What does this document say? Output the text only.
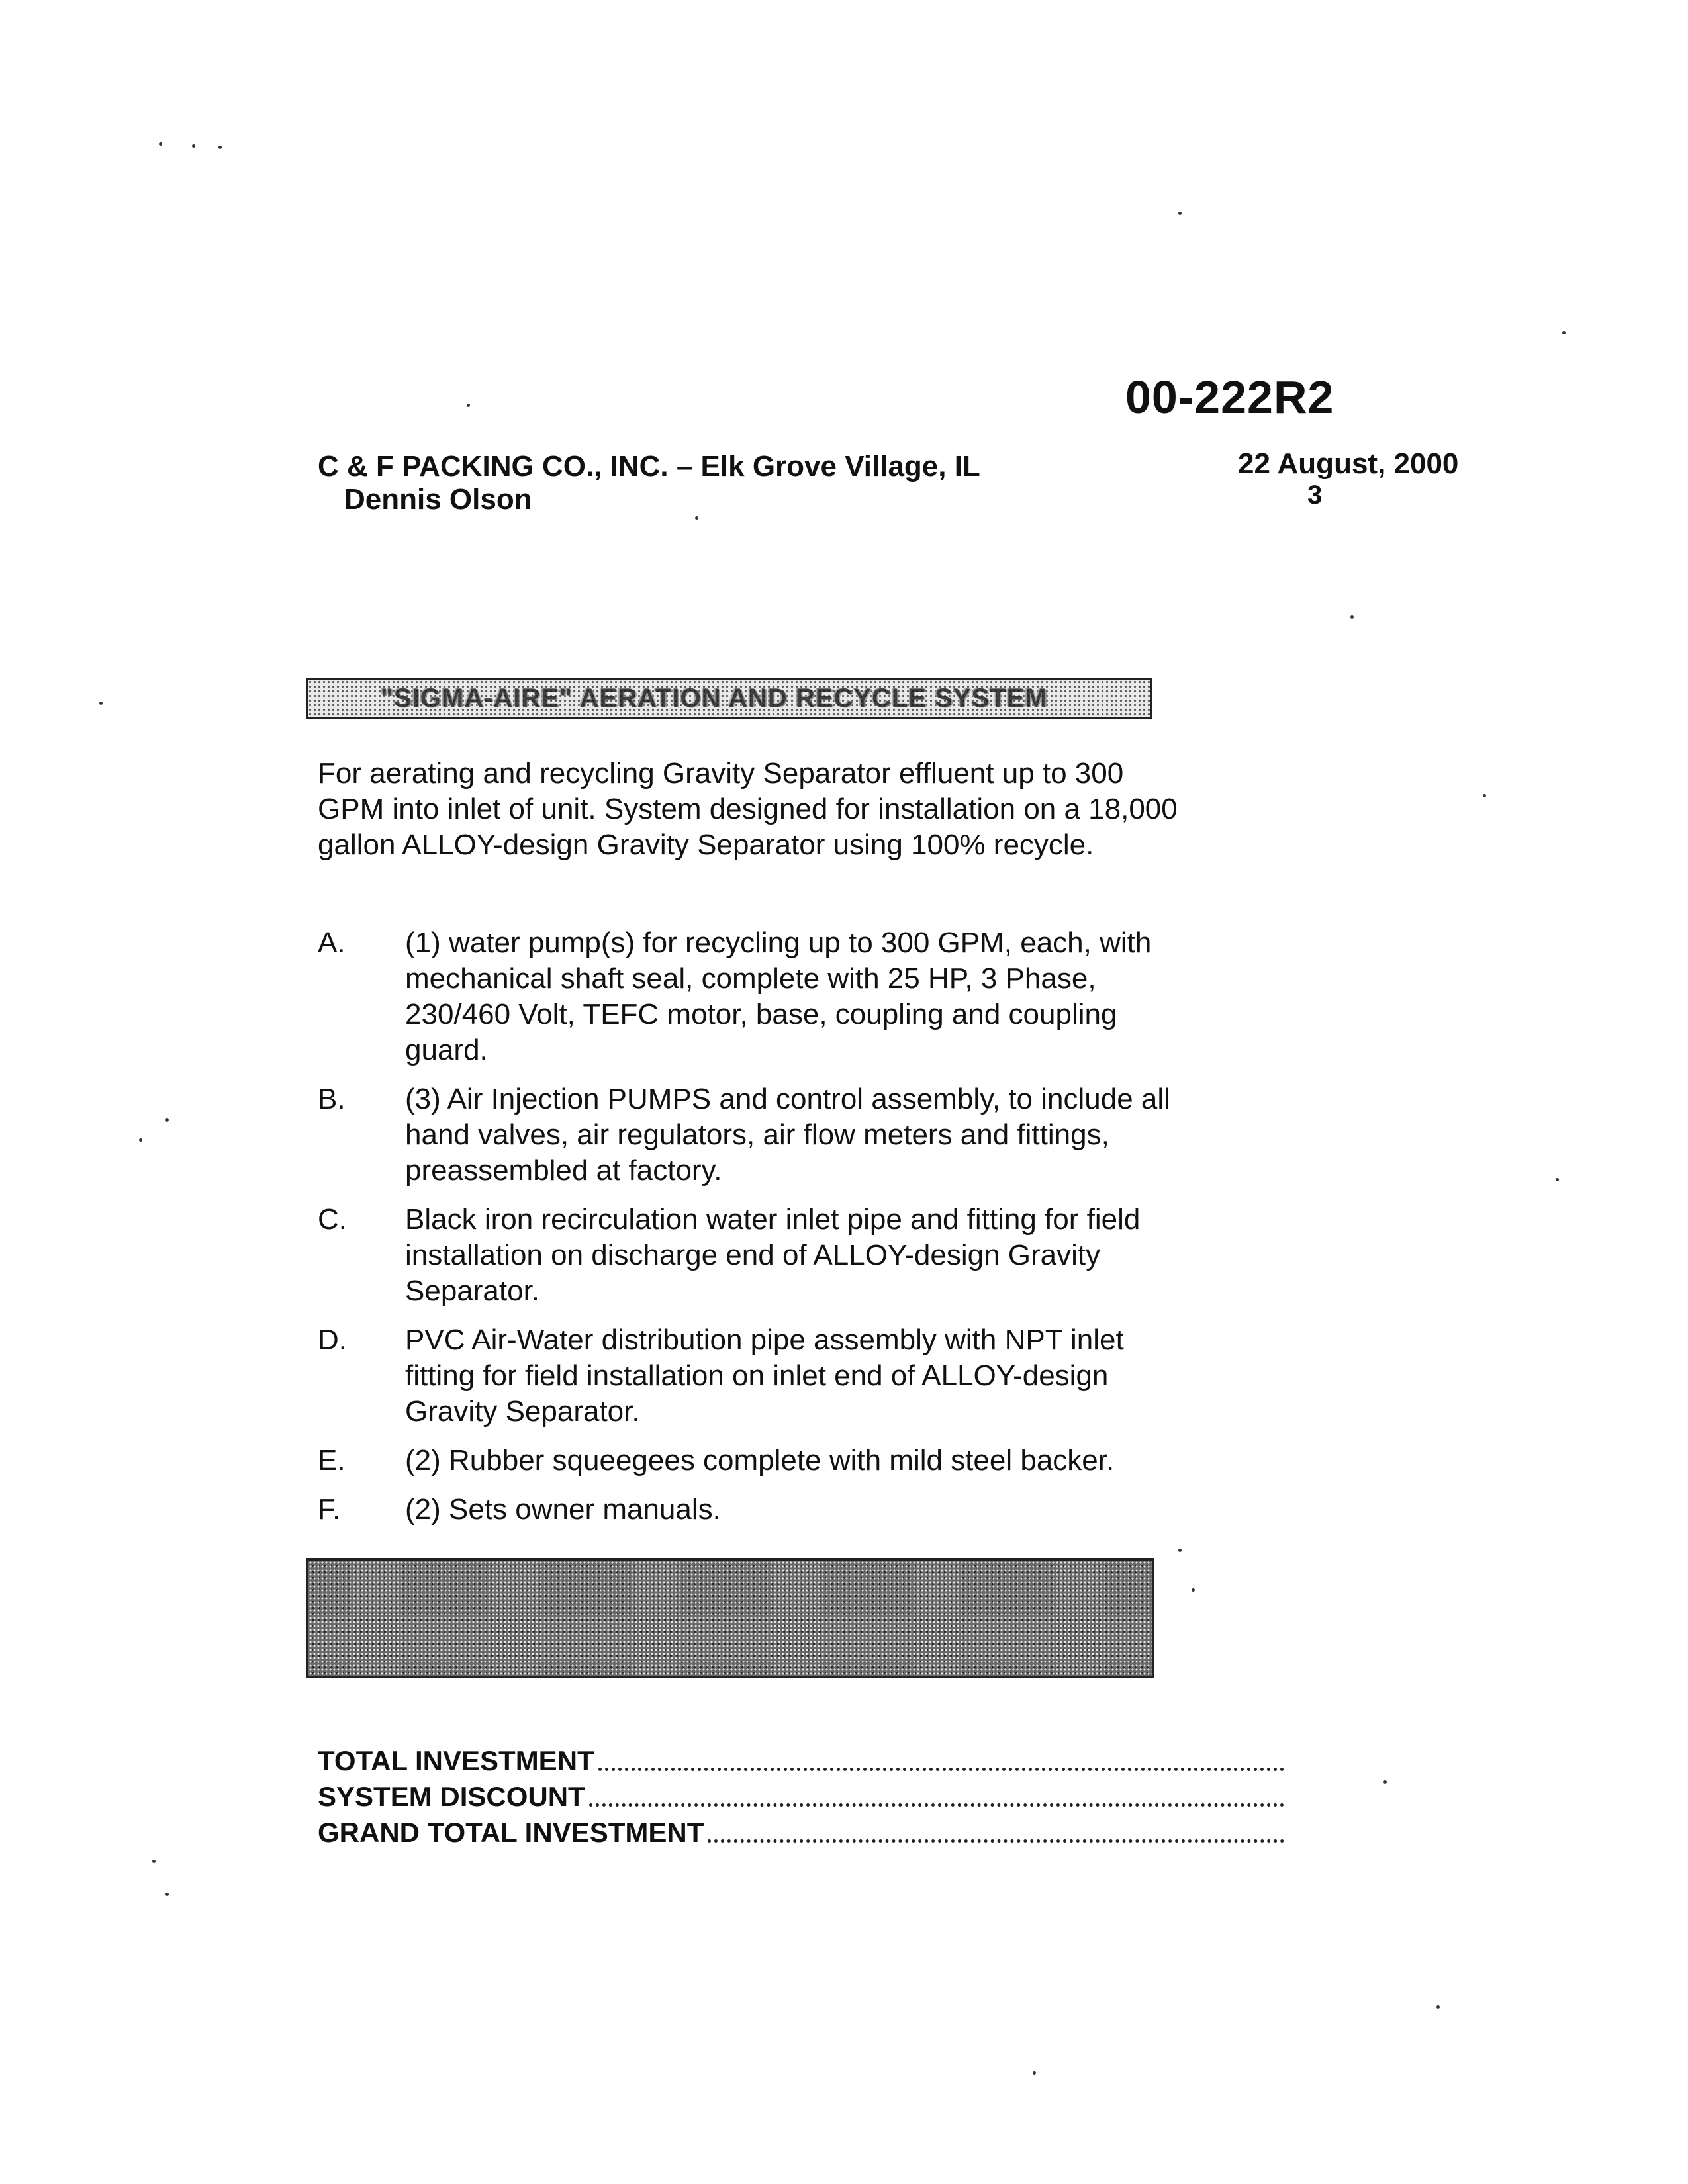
00-222R2
C & F PACKING CO., INC. – Elk Grove Village, IL
Dennis Olson
22 August, 2000
3
"SIGMA-AIRE" AERATION AND RECYCLE SYSTEM
For aerating and recycling Gravity Separator effluent up to 300 GPM into inlet of unit. System designed for installation on a 18,000 gallon ALLOY-design Gravity Separator using 100% recycle.
A.	(1) water pump(s) for recycling up to 300 GPM, each, with mechanical shaft seal, complete with 25 HP, 3 Phase, 230/460 Volt, TEFC motor, base, coupling and coupling guard.
B.	(3) Air Injection PUMPS and control assembly, to include all hand valves, air regulators, air flow meters and fittings, preassembled at factory.
C.	Black iron recirculation water inlet pipe and fitting for field installation on discharge end of ALLOY-design Gravity Separator.
D.	PVC Air-Water distribution pipe assembly with NPT inlet fitting for field installation on inlet end of ALLOY-design Gravity Separator.
E.	(2) Rubber squeegees complete with mild steel backer.
F.	(2) Sets owner manuals.
TOTAL INVESTMENT
SYSTEM DISCOUNT
GRAND TOTAL INVESTMENT
